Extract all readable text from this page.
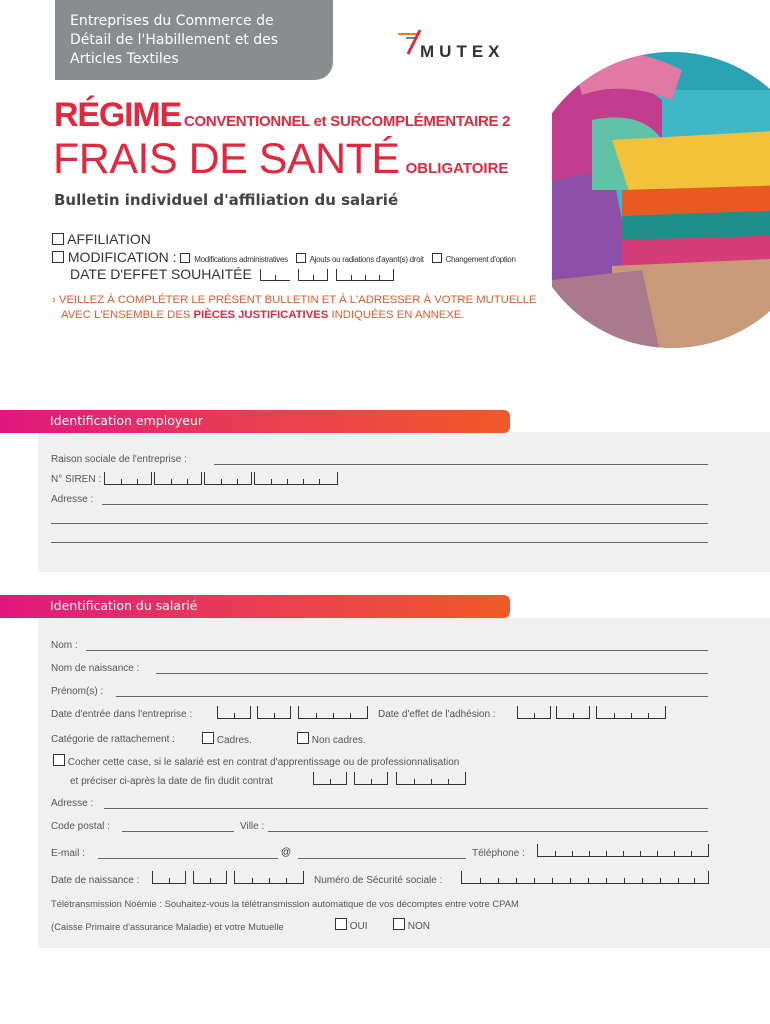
Entreprises du Commerce de
Détail de l'Habillement et des
Articles Textiles	MUTEX
RÉGIME CONVENTIONNEL et SURCOMPLÉMENTAIRE 2
FRAIS DE SANTÉ OBLIGATOIRE
Bulletin individuel d'affiliation du salarié
AFFILIATION
MODIFICATION : Modifications administratives	Ajouts ou radiations d'ayant(s) droit	Changement d'option
DATE D'EFFET SOUHAITÉE

› VEILLEZ À COMPLÉTER LE PRÉSENT BULLETIN ET À L'ADRESSER À VOTRE MUTUELLE
AVEC L'ENSEMBLE DES PIÈCES JUSTIFICATIVES INDIQUÉES EN ANNEXE.
Identification employeur
Raison sociale de l'entreprise :
N° SIREN :
Adresse :
Identification du salarié
Nom :
Nom de naissance :
Prénom(s) :
Date d'entrée dans l'entreprise :	Date d'effet de l'adhésion :
Catégorie de rattachement :	Cadres.	Non cadres.
Cocher cette case, si le salarié est en contrat d'apprentissage ou de professionnalisation
et préciser ci-après la date de fin dudit contrat
Adresse :
Code postal :	Ville :
E-mail :	@	Téléphone :
Date de naissance :	Numéro de Sécurité sociale :
Télétransmission Noémie : Souhaitez-vous la télétransmission automatique de vos décomptes entre votre CPAM
(Caisse Primaire d'assurance Maladie) et votre Mutuelle	OUI	NON
